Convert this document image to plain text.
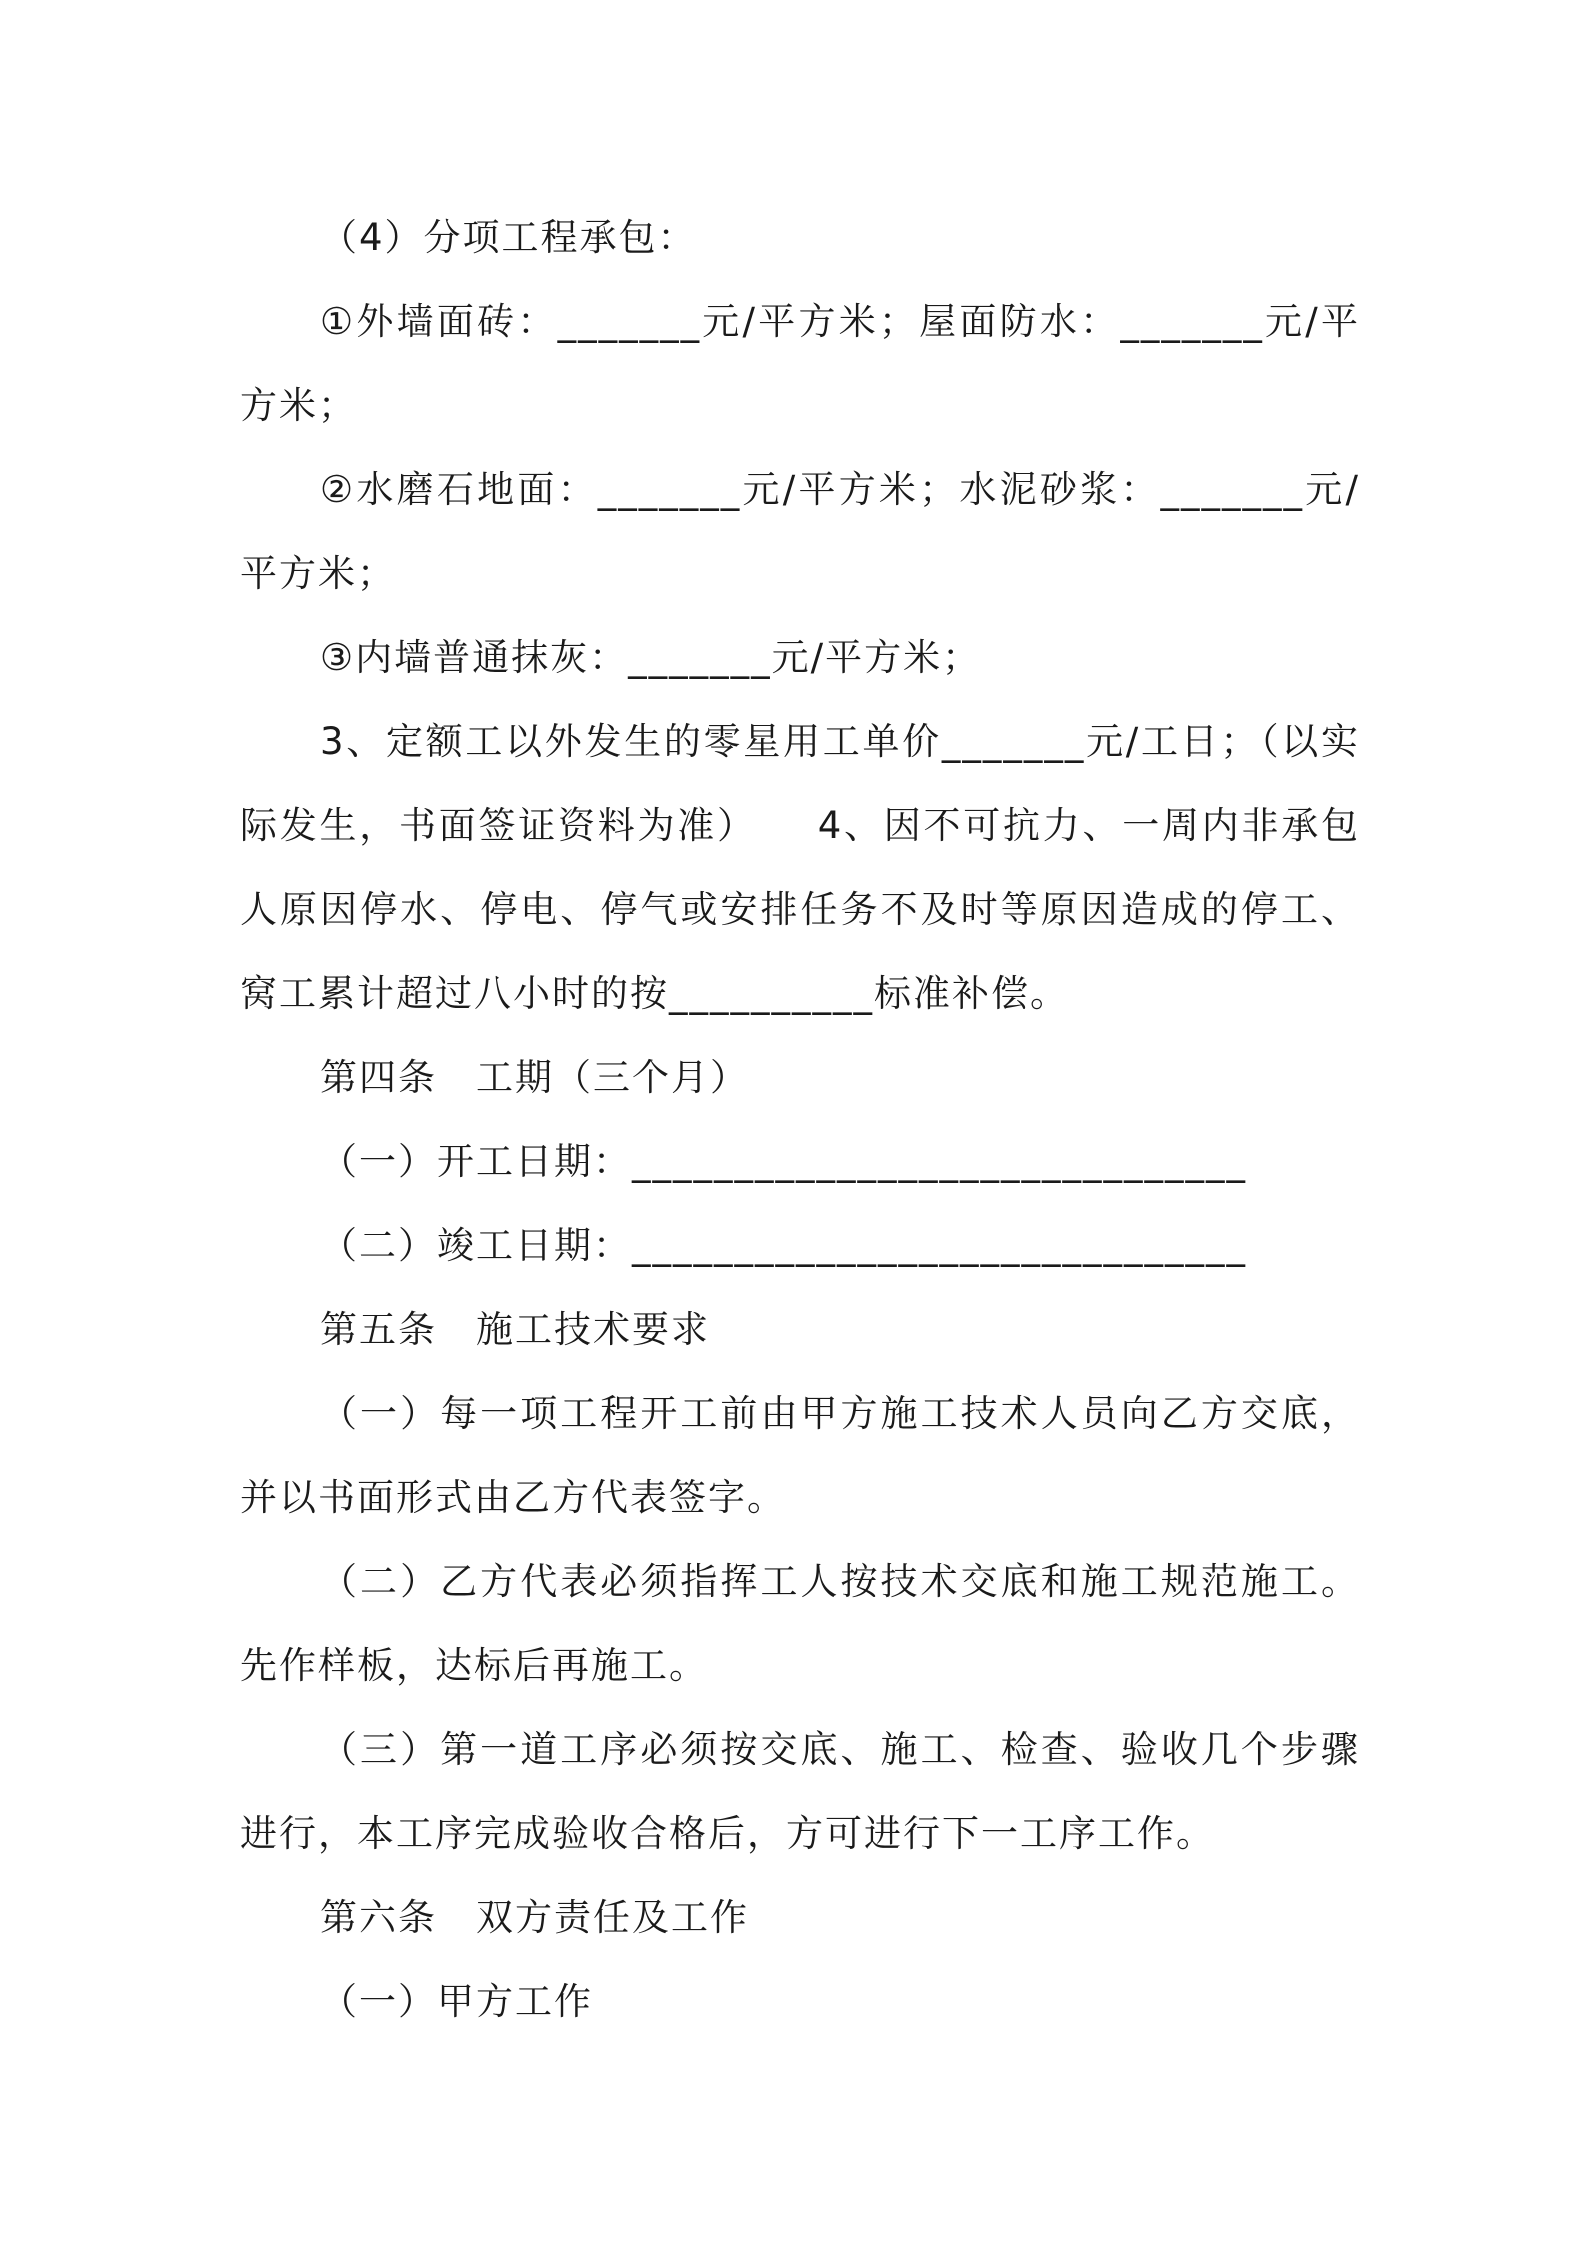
（4）分项工程承包：

①外墙面砖：_______元/平方米；屋面防水：_______元/平方米；

②水磨石地面：_______元/平方米；水泥砂浆：_______元/平方米；

③内墙普通抹灰：_______元/平方米；

3、定额工以外发生的零星用工单价_______元/工日；（以实际发生，书面签证资料为准）　　4、因不可抗力、一周内非承包人原因停水、停电、停气或安排任务不及时等原因造成的停工、窝工累计超过八小时的按__________标准补偿。

第四条　工期（三个月）

（一）开工日期：______________________________

（二）竣工日期：______________________________

第五条　施工技术要求

（一）每一项工程开工前由甲方施工技术人员向乙方交底，并以书面形式由乙方代表签字。

（二）乙方代表必须指挥工人按技术交底和施工规范施工。先作样板，达标后再施工。

（三）第一道工序必须按交底、施工、检查、验收几个步骤进行，本工序完成验收合格后，方可进行下一工序工作。

第六条　双方责任及工作

（一）甲方工作
